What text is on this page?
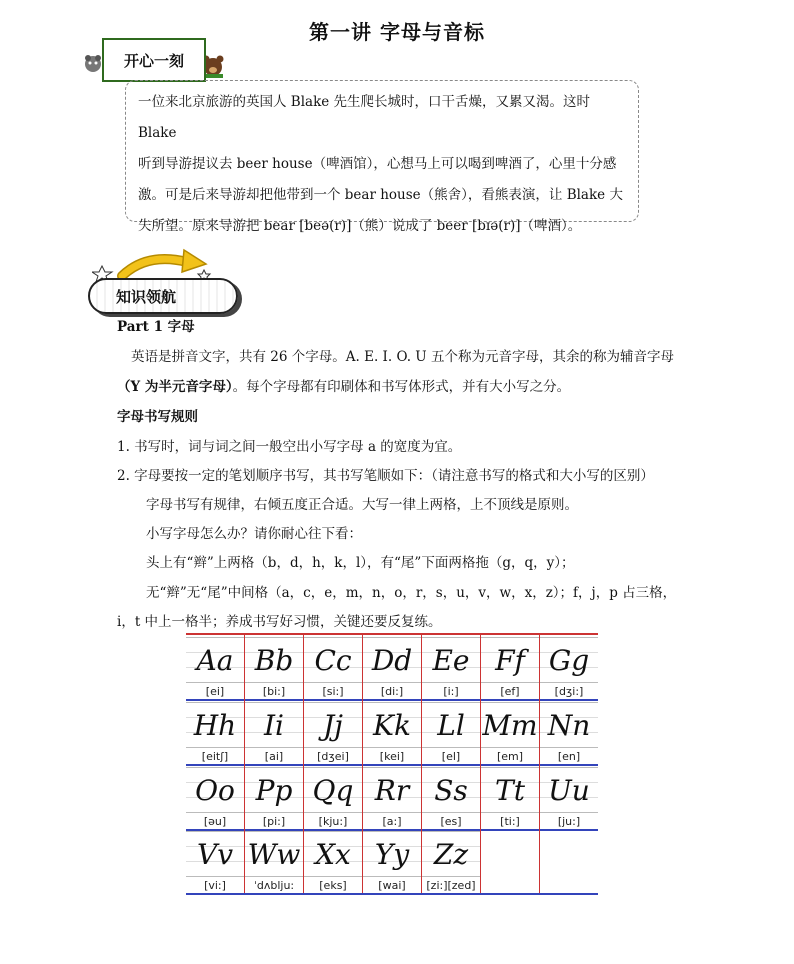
第一讲 字母与音标
开心一刻
一位来北京旅游的英国人 Blake 先生爬长城时，口干舌燥，又累又渴。这时 Blake
听到导游提议去 beer house（啤酒馆），心想马上可以喝到啤酒了，心里十分感
激。可是后来导游却把他带到一个 bear house（熊舍），看熊表演，让 Blake 大
失所望。原来导游把 bear [beə(r)]（熊）说成了 beer [bɪə(r)]（啤酒）。
知识领航
Part 1 字母
英语是拼音文字，共有 26 个字母。A. E. I. O. U 五个称为元音字母，其余的称为辅音字母
（Y 为半元音字母）。每个字母都有印刷体和书写体形式，并有大小写之分。
字母书写规则
1. 书写时，词与词之间一般空出小写字母 a 的宽度为宜。
2. 字母要按一定的笔划顺序书写，其书写笔顺如下：（请注意书写的格式和大小写的区别）
字母书写有规律，右倾五度正合适。大写一律上两格，上不顶线是原则。
小写字母怎么办？请你耐心往下看：
头上有“辫”上两格（b，d，h，k，l），有“尾”下面两格拖（g，q，y）；
无“辫”无“尾”中间格（a，c，e，m，n，o，r，s，u，v，w，x，z）；f，j，p 占三格，
i，t 中上一格半；养成书写好习惯，关键还要反复练。
Aa
[ei]
Bb
[bi:]
Cc
[si:]
Dd
[di:]
Ee
[i:]
Ff
[ef]
Gg
[dʒi:]
Hh
[eitʃ]
Ii
[ai]
Jj
[dʒei]
Kk
[kei]
Ll
[el]
Mm
[em]
Nn
[en]
Oo
[əu]
Pp
[pi:]
Qq
[kju:]
Rr
[a:]
Ss
[es]
Tt
[ti:]
Uu
[ju:]
Vv
[vi:]
Ww
ˈdʌblju:
Xx
[eks]
Yy
[wai]
Zz
[zi:][zed]
